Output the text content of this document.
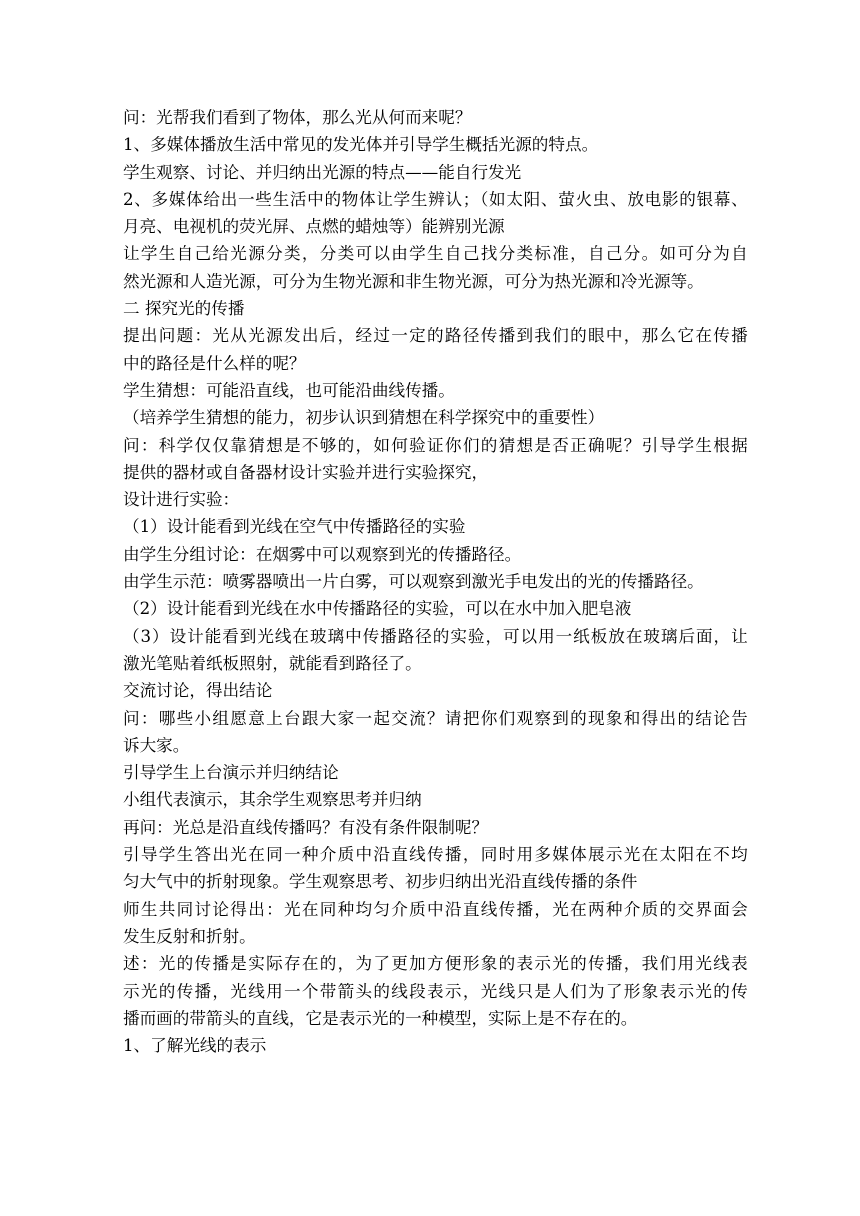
问：光帮我们看到了物体，那么光从何而来呢？
1、多媒体播放生活中常见的发光体并引导学生概括光源的特点。
学生观察、讨论、并归纳出光源的特点——能自行发光
2、多媒体给出一些生活中的物体让学生辨认；（如太阳、萤火虫、放电影的银幕、
月亮、电视机的荧光屏、点燃的蜡烛等）能辨别光源
让学生自己给光源分类，分类可以由学生自己找分类标准，自己分。如可分为自
然光源和人造光源，可分为生物光源和非生物光源，可分为热光源和冷光源等。
二 探究光的传播
提出问题：光从光源发出后，经过一定的路径传播到我们的眼中，那么它在传播
中的路径是什么样的呢？
学生猜想：可能沿直线，也可能沿曲线传播。
（培养学生猜想的能力，初步认识到猜想在科学探究中的重要性）
问：科学仅仅靠猜想是不够的，如何验证你们的猜想是否正确呢？引导学生根据
提供的器材或自备器材设计实验并进行实验探究，
设计进行实验：
（1）设计能看到光线在空气中传播路径的实验
由学生分组讨论：在烟雾中可以观察到光的传播路径。
由学生示范：喷雾器喷出一片白雾，可以观察到激光手电发出的光的传播路径。
（2）设计能看到光线在水中传播路径的实验，可以在水中加入肥皂液
（3）设计能看到光线在玻璃中传播路径的实验，可以用一纸板放在玻璃后面，让
激光笔贴着纸板照射，就能看到路径了。
交流讨论，得出结论
问：哪些小组愿意上台跟大家一起交流？请把你们观察到的现象和得出的结论告
诉大家。
引导学生上台演示并归纳结论
小组代表演示，其余学生观察思考并归纳
再问：光总是沿直线传播吗？有没有条件限制呢？
引导学生答出光在同一种介质中沿直线传播，同时用多媒体展示光在太阳在不均
匀大气中的折射现象。学生观察思考、初步归纳出光沿直线传播的条件
师生共同讨论得出：光在同种均匀介质中沿直线传播，光在两种介质的交界面会
发生反射和折射。
述：光的传播是实际存在的，为了更加方便形象的表示光的传播，我们用光线表
示光的传播，光线用一个带箭头的线段表示，光线只是人们为了形象表示光的传
播而画的带箭头的直线，它是表示光的一种模型，实际上是不存在的。
1、了解光线的表示
